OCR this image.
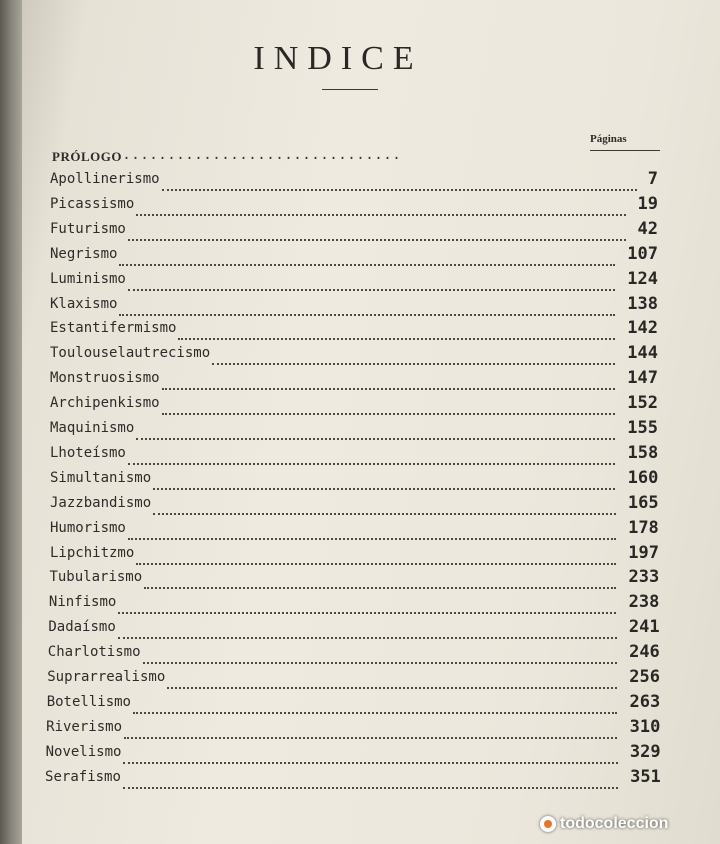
INDICE
Páginas
PRÓLOGO ...............................
Apollinerismo	7
Picassismo	19
Futurismo	42
Negrismo	107
Luminismo	124
Klaxismo	138
Estantifermismo	142
Toulouselautrecismo	144
Monstruosismo	147
Archipenkismo	152
Maquinismo	155
Lhoteísmo	158
Simultanismo	160
Jazzbandismo	165
Humorismo	178
Lipchitzmo	197
Tubularismo	233
Ninfismo	238
Dadaísmo	241
Charlotismo	246
Suprarrealismo	256
Botellismo	263
Riverismo	310
Novelismo	329
Serafismo	351
todocoleccion
